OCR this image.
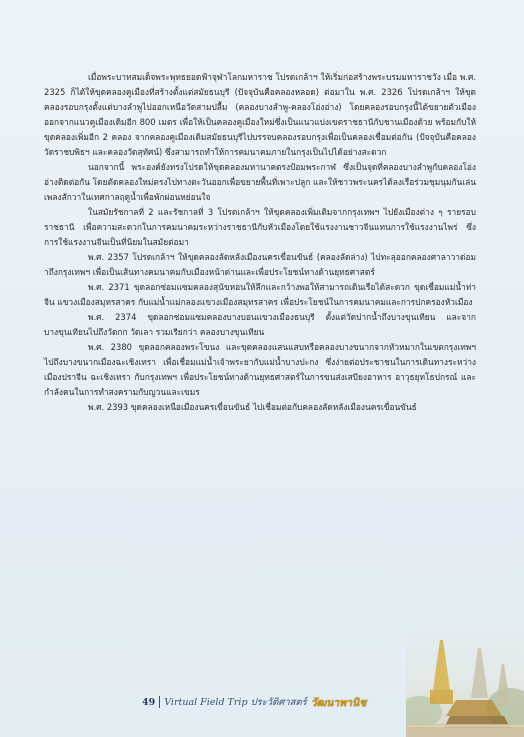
เมื่อพระบาทสมเด็จพระพุทธยอดฟ้าจุฬาโลกมหาราช โปรดเกล้าฯ ให้เริ่มก่อสร้างพระบรมมหาราชวัง เมื่อ พ.ศ. 2325 ก็ได้ให้ขุดคลองคูเมืองที่สร้างตั้งแต่สมัยธนบุรี (ปัจจุบันคือคลองหลอด) ต่อมาใน พ.ศ. 2326 โปรดเกล้าฯ ให้ขุดคลองรอบกรุงตั้งแต่บางลำพูไปออกเหนือวัดสามปลื้ม (คลองบางลำพู-คลองโอ่งอ่าง) โดยคลองรอบกรุงนี้ได้ขยายตัวเมืองออกจากแนวคูเมืองเดิมอีก 800 เมตร เพื่อให้เป็นคลองคูเมืองใหม่ซึ่งเป็นแนวแบ่งเขตราชธานีกับชานเมืองด้วย พร้อมกับให้ขุดคลองเพิ่มอีก 2 คลอง จากคลองคูเมืองเดิมสมัยธนบุรีไปบรรจบคลองรอบกรุงเพื่อเป็นคลองเชื่อมต่อกัน (ปัจจุบันคือคลองวัดราชบพิธฯ และคลองวัดสุทัศน์) ซึ่งสามารถทำให้การคมนาคมภายในกรุงเป็นไปได้อย่างสะดวก

นอกจากนี้ พระองค์ยังทรงโปรดให้ขุดคลองมหานาคตรงป้อมพระกาฬ ซึ่งเป็นจุดที่คลองบางลำพูกับคลองโอ่งอ่างติดต่อกัน โดยตัดคลองใหม่ตรงไปทางตะวันออกเพื่อขยายพื้นที่เพาะปลูก และให้ชาวพระนครได้ลงเรือร่วมชุมนุมกันเล่นเพลงสักวาในเทศกาลฤดูน้ำเพื่อพักผ่อนหย่อนใจ

ในสมัยรัชกาลที่ 2 และรัชกาลที่ 3 โปรดเกล้าฯ ให้ขุดคลองเพิ่มเติมจากกรุงเทพฯ ไปยังเมืองต่าง ๆ รายรอบราชธานี เพื่อความสะดวกในการคมนาคมระหว่างราชธานีกับหัวเมืองโดยใช้แรงงานชาวจีนแทนการใช้แรงงานไพร่ ซึ่งการใช้แรงงานจีนเป็นที่นิยมในสมัยต่อมา

พ.ศ. 2357 โปรดเกล้าฯ ให้ขุดคลองลัดหลังเมืองนครเขื่อนขันธ์ (คลองลัดล่าง) ไปทะลุออกคลองศาลาวาด่อมาถึงกรุงเทพฯ เพื่อเป็นเส้นทางคมนาคมกับเมืองหน้าด่านและเพื่อประโยชน์ทางด้านยุทธศาสตร์

พ.ศ. 2371 ขุดลอกซ่อมแซมคลองสุนัขหอนให้ลึกและกว้างพอให้สามารถเดินเรือได้สะดวก ขุดเชื่อมแม่น้ำท่าจีน แขวงเมืองสมุทรสาคร กับแม่น้ำแม่กลองแขวงเมืองสมุทรสาคร เพื่อประโยชน์ในการคมนาคมและการปกครองหัวเมือง

พ.ศ. 2374 ขุดลอกซ่อมแซมคลองบางบอนแขวงเมืองธนบุรี ตั้งแต่วัดปากน้ำถึงบางขุนเทียน และจากบางขุนเทียนไปถึงวัดกก วัดเลา รวมเรียกว่า คลองบางขุนเทียน

พ.ศ. 2380 ขุดลอกคลองพระโขนง และขุดคลองแสนแสบหรือคลองบางขนากจากหัวหมากในเขตกรุงเทพฯ ไปถึงบางขนากเมืองฉะเชิงเทรา เพื่อเชื่อมแม่น้ำเจ้าพระยากับแม่น้ำบางปะกง ซึ่งง่ายต่อประชาชนในการเดินทางระหว่างเมืองปราจีน ฉะเชิงเทรา กับกรุงเทพฯ เพื่อประโยชน์ทางด้านยุทธศาสตร์ในการขนส่งเสบียงอาหาร อาวุธยุทโธปกรณ์ และกำลังคนในการทำสงครามกับญวนและเขมร

พ.ศ. 2393 ขุดคลองเหนือเมืองนครเขื่อนขันธ์ ไปเชื่อมต่อกับคลองลัดหลังเมืองนครเขื่อนขันธ์

49 Virtual Field Trip ประวัติศาสตร์ วัฒนาพานิช
